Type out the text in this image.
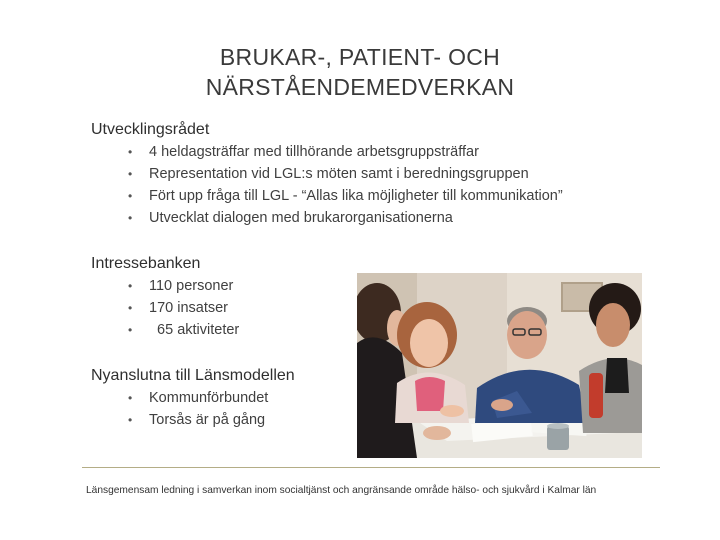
BRUKAR-, PATIENT- OCH
NÄRSTÅENDEMEDVERKAN

Utvecklingsrådet

• 4 heldagsträffar med tillhörande arbetsgruppsträffar
• Representation vid LGL:s möten samt i beredningsgruppen
• Fört upp fråga till LGL - “Allas lika möjligheter till kommunikation”
• Utvecklat dialogen med brukarorganisationerna

Intressebanken

• 110 personer
• 170 insatser
• 65 aktiviteter

Nyanslutna till Länsmodellen

• Kommunförbundet
• Torsås är på gång
Länsgemensam ledning i samverkan inom socialtjänst och angränsande område hälso- och sjukvård i Kalmar län
